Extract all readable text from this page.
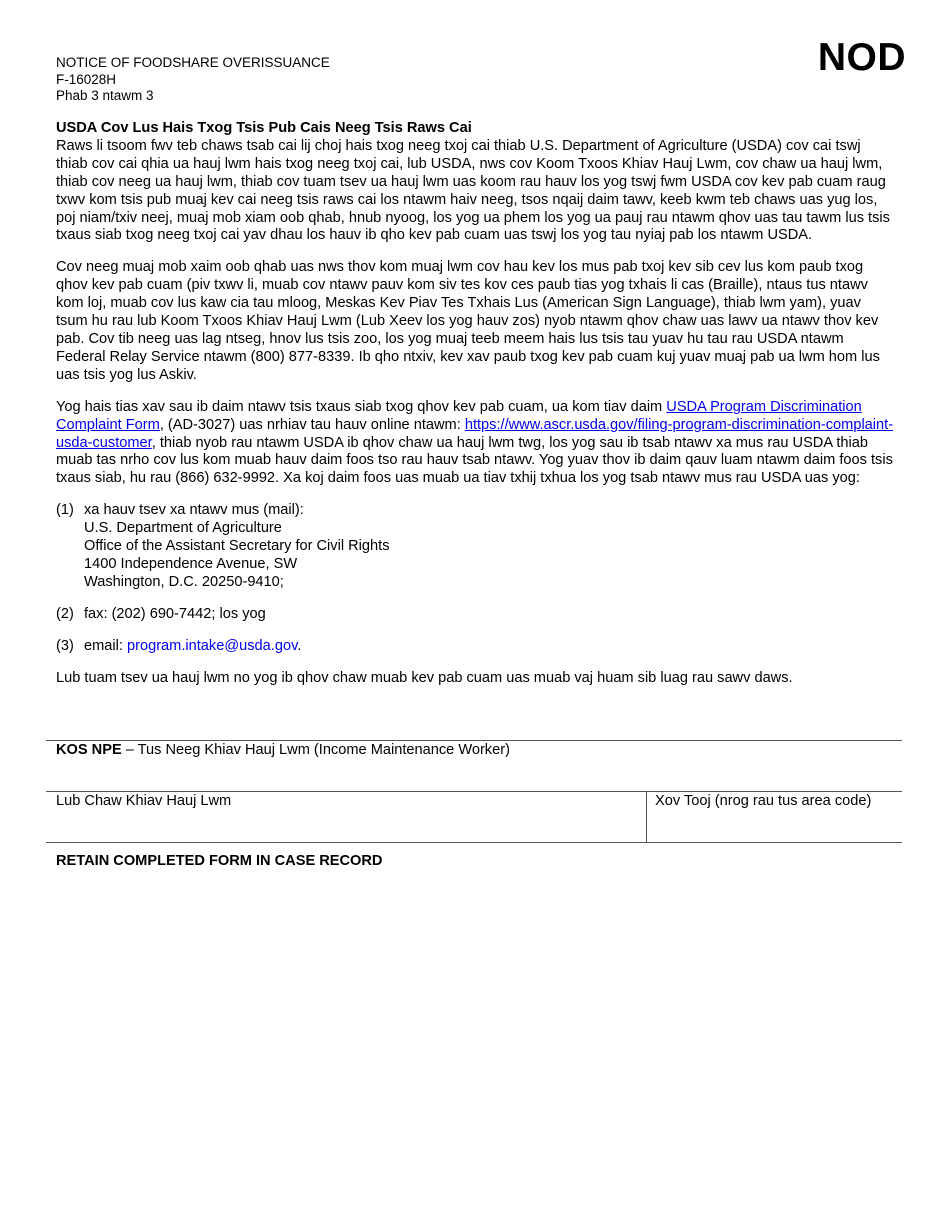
NOTICE OF FOODSHARE OVERISSUANCE
F-16028H
Phab 3 ntawm 3
NOD
USDA Cov Lus Hais Txog Tsis Pub Cais Neeg Tsis Raws Cai

Raws li tsoom fwv teb chaws tsab cai lij choj hais txog neeg txoj cai thiab U.S. Department of Agriculture (USDA) cov cai tswj thiab cov cai qhia ua hauj lwm hais txog neeg txoj cai, lub USDA, nws cov Koom Txoos Khiav Hauj Lwm, cov chaw ua hauj lwm, thiab cov neeg ua hauj lwm, thiab cov tuam tsev ua hauj lwm uas koom rau hauv los yog tswj fwm USDA cov kev pab cuam raug txwv kom tsis pub muaj kev cai neeg tsis raws cai los ntawm haiv neeg, tsos nqaij daim tawv, keeb kwm teb chaws uas yug los, poj niam/txiv neej, muaj mob xiam oob qhab, hnub nyoog, los yog ua phem los yog ua pauj rau ntawm qhov uas tau tawm lus tsis txaus siab txog neeg txoj cai yav dhau los hauv ib qho kev pab cuam uas tswj los yog tau nyiaj pab los ntawm USDA.

Cov neeg muaj mob xaim oob qhab uas nws thov kom muaj lwm cov hau kev los mus pab txoj kev sib cev lus kom paub txog qhov kev pab cuam (piv txwv li, muab cov ntawv pauv kom siv tes kov ces paub tias yog txhais li cas (Braille), ntaus tus ntawv kom loj, muab cov lus kaw cia tau mloog, Meskas Kev Piav Tes Txhais Lus (American Sign Language), thiab lwm yam), yuav tsum hu rau lub Koom Txoos Khiav Hauj Lwm (Lub Xeev los yog hauv zos) nyob ntawm qhov chaw uas lawv ua ntawv thov kev pab. Cov tib neeg uas lag ntseg, hnov lus tsis zoo, los yog muaj teeb meem hais lus tsis tau yuav hu tau rau USDA ntawm Federal Relay Service ntawm (800) 877-8339. Ib qho ntxiv, kev xav paub txog kev pab cuam kuj yuav muaj pab ua lwm hom lus uas tsis yog lus Askiv.

Yog hais tias xav sau ib daim ntawv tsis txaus siab txog qhov kev pab cuam, ua kom tiav daim USDA Program Discrimination Complaint Form, (AD-3027) uas nrhiav tau hauv online ntawm: https://www.ascr.usda.gov/filing-program-discrimination-complaint-usda-customer, thiab nyob rau ntawm USDA ib qhov chaw ua hauj lwm twg, los yog sau ib tsab ntawv xa mus rau USDA thiab muab tas nrho cov lus kom muab hauv daim foos tso rau hauv tsab ntawv. Yog yuav thov ib daim qauv luam ntawm daim foos tsis txaus siab, hu rau (866) 632-9992. Xa koj daim foos uas muab ua tiav txhij txhua los yog tsab ntawv mus rau USDA uas yog:

(1) xa hauv tsev xa ntawv mus (mail):
U.S. Department of Agriculture
Office of the Assistant Secretary for Civil Rights
1400 Independence Avenue, SW
Washington, D.C. 20250-9410;
(2) fax: (202) 690-7442; los yog
(3) email: program.intake@usda.gov.

Lub tuam tsev ua hauj lwm no yog ib qhov chaw muab kev pab cuam uas muab vaj huam sib luag rau sawv daws.

KOS NPE – Tus Neeg Khiav Hauj Lwm (Income Maintenance Worker)
Lub Chaw Khiav Hauj Lwm	Xov Tooj (nrog rau tus area code)
RETAIN COMPLETED FORM IN CASE RECORD
